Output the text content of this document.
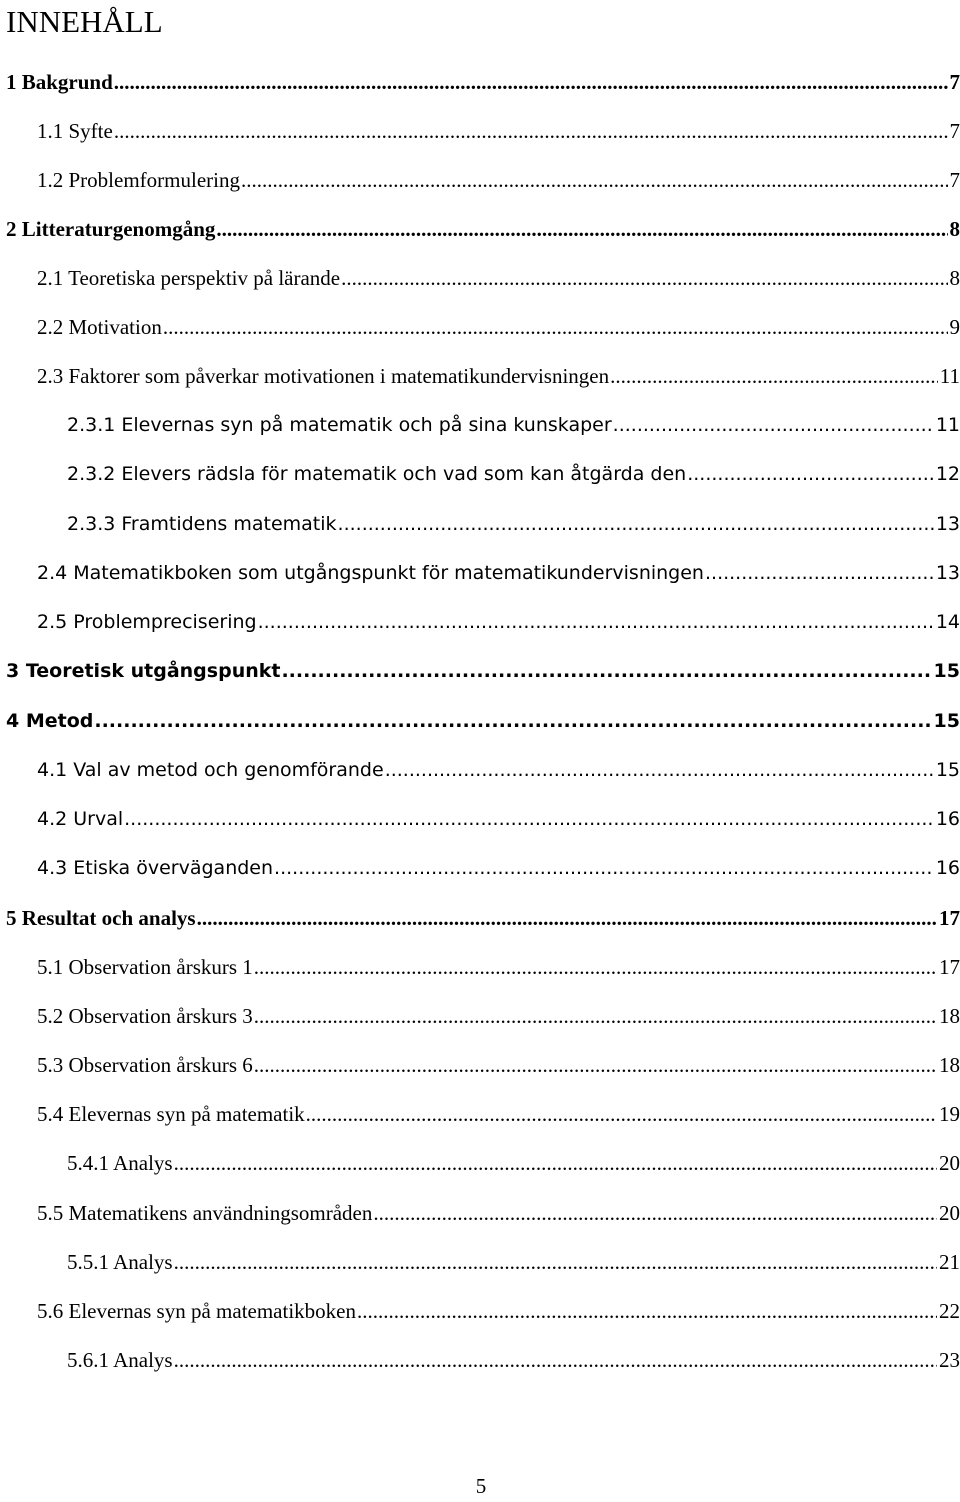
INNEHÅLL
1 Bakgrund .....	7
1.1 Syfte .....	7
1.2 Problemformulering .....	7
2 Litteraturgenomgång .....	8
2.1 Teoretiska perspektiv på lärande .....	8
2.2 Motivation .....	9
2.3 Faktorer som påverkar motivationen i matematikundervisningen .....	11
2.3.1 Elevernas syn på matematik och på sina kunskaper .....	11
2.3.2 Elevers rädsla för matematik och vad som kan åtgärda den .....	12
2.3.3 Framtidens matematik .....	13
2.4 Matematikboken som utgångspunkt för matematikundervisningen .....	13
2.5 Problemprecisering .....	14
3 Teoretisk utgångspunkt .....	15
4 Metod .....	15
4.1 Val av metod och genomförande .....	15
4.2 Urval .....	16
4.3 Etiska överväganden .....	16
5 Resultat och analys .....	17
5.1 Observation årskurs 1 .....	17
5.2 Observation årskurs 3 .....	18
5.3 Observation årskurs 6 .....	18
5.4 Elevernas syn på matematik .....	19
5.4.1 Analys .....	20
5.5 Matematikens användningsområden .....	20
5.5.1 Analys .....	21
5.6 Elevernas syn på matematikboken .....	22
5.6.1 Analys .....	23
5
